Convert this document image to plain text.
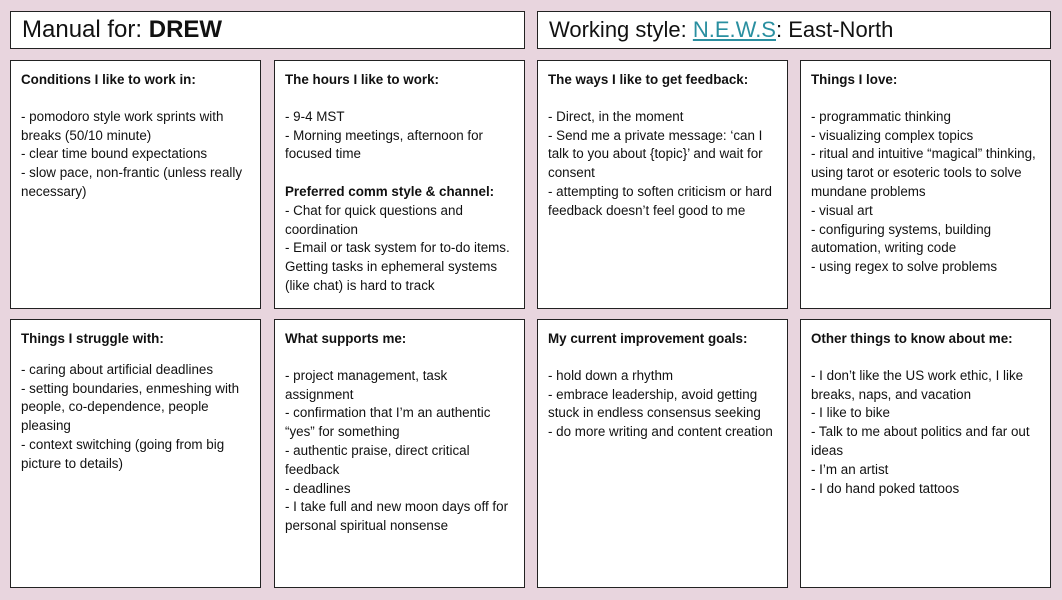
Manual for: DREW	Working style: N.E.W.S : East-North
Conditions I like to work in:
- pomodoro style work sprints with breaks (50/10 minute)
- clear time bound expectations
- slow pace, non-frantic (unless really necessary)
The hours I like to work:
- 9-4 MST
- Morning meetings, afternoon for focused time
Preferred comm style & channel:
- Chat for quick questions and coordination
- Email or task system for to-do items. Getting tasks in ephemeral systems (like chat) is hard to track
The ways I like to get feedback:
- Direct, in the moment
- Send me a private message: ‘can I talk to you about {topic}’ and wait for consent
- attempting to soften criticism or hard feedback doesn’t feel good to me
Things I love:
- programmatic thinking
- visualizing complex topics
- ritual and intuitive “magical” thinking, using tarot or esoteric tools to solve mundane problems
- visual art
- configuring systems, building automation, writing code
- using regex to solve problems
Things I struggle with:
- caring about artificial deadlines
- setting boundaries, enmeshing with people, co-dependence, people pleasing
- context switching (going from big picture to details)
What supports me:
- project management, task assignment
- confirmation that I’m an authentic “yes” for something
- authentic praise, direct critical feedback
- deadlines
- I take full and new moon days off for personal spiritual nonsense
My current improvement goals:
- hold down a rhythm
- embrace leadership, avoid getting stuck in endless consensus seeking
- do more writing and content creation
Other things to know about me:
- I don’t like the US work ethic, I like breaks, naps, and vacation
- I like to bike
- Talk to me about politics and far out ideas
- I’m an artist
- I do hand poked tattoos
